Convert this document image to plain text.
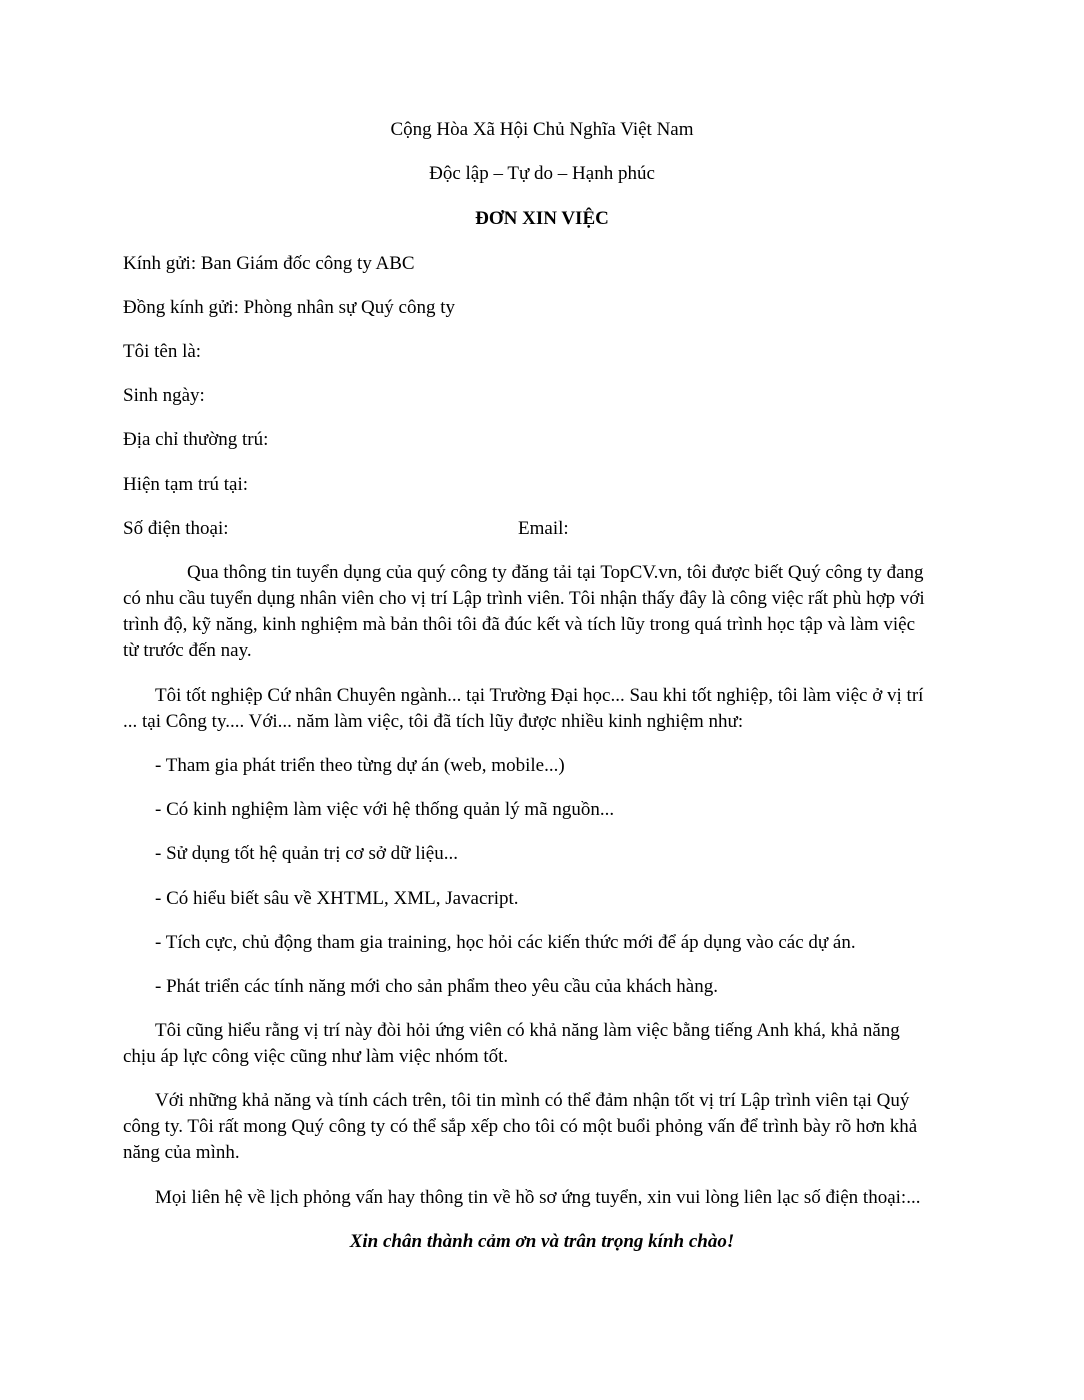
Cộng Hòa Xã Hội Chủ Nghĩa Việt Nam
Độc lập – Tự do – Hạnh phúc
ĐƠN XIN VIỆC
Kính gửi: Ban Giám đốc công ty ABC
Đồng kính gửi: Phòng nhân sự Quý công ty
Tôi tên là:
Sinh ngày:
Địa chỉ thường trú:
Hiện tạm trú tại:
Số điện thoại:	Email:
Qua thông tin tuyển dụng của quý công ty đăng tải tại TopCV.vn, tôi được biết Quý công ty đang
có nhu cầu tuyển dụng nhân viên cho vị trí Lập trình viên. Tôi nhận thấy đây là công việc rất phù hợp với
trình độ, kỹ năng, kinh nghiệm mà bản thôi tôi đã đúc kết và tích lũy trong quá trình học tập và làm việc
từ trước đến nay.
Tôi tốt nghiệp Cứ nhân Chuyên ngành... tại Trường Đại học... Sau khi tốt nghiệp, tôi làm việc ở vị trí
... tại Công ty.... Với... năm làm việc, tôi đã tích lũy được nhiều kinh nghiệm như:
- Tham gia phát triển theo từng dự án (web, mobile...)
- Có kinh nghiệm làm việc với hệ thống quản lý mã nguồn...
- Sử dụng tốt hệ quản trị cơ sở dữ liệu...
- Có hiểu biết sâu về XHTML, XML, Javacript.
- Tích cực, chủ động tham gia training, học hỏi các kiến thức mới để áp dụng vào các dự án.
- Phát triển các tính năng mới cho sản phẩm theo yêu cầu của khách hàng.
Tôi cũng hiểu rằng vị trí này đòi hỏi ứng viên có khả năng làm việc bằng tiếng Anh khá, khả năng
chịu áp lực công việc cũng như làm việc nhóm tốt.
Với những khả năng và tính cách trên, tôi tin mình có thể đảm nhận tốt vị trí Lập trình viên tại Quý
công ty. Tôi rất mong Quý công ty có thể sắp xếp cho tôi có một buổi phỏng vấn để trình bày rõ hơn khả
năng của mình.
Mọi liên hệ về lịch phỏng vấn hay thông tin về hồ sơ ứng tuyển, xin vui lòng liên lạc số điện thoại:...
Xin chân thành cảm ơn và trân trọng kính chào!
